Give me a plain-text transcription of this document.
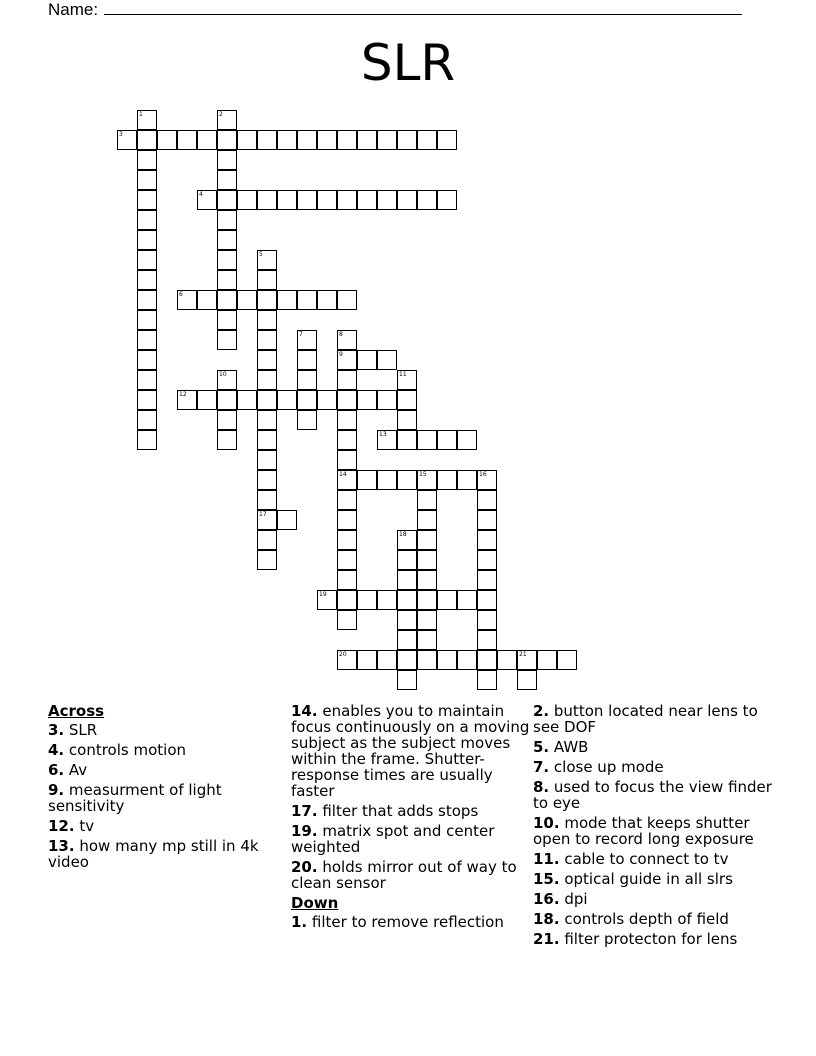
Name:
SLR
1	2
3
4
5
17
6
7	8
9
14
10	11
12
13
15	16
18
19
20	21
Across
3. SLR
4. controls motion
6. Av
9. measurment of light sensitivity
12. tv
13. how many mp still in 4k video
14. enables you to maintain focus continuously on a moving subject as the subject moves within the frame. Shutter-response times are usually faster
17. filter that adds stops
19. matrix spot and center weighted
20. holds mirror out of way to clean sensor
Down
1. filter to remove reflection
2. button located near lens to see DOF
5. AWB
7. close up mode
8. used to focus the view finder to eye
10. mode that keeps shutter open to record long exposure
11. cable to connect to tv
15. optical guide in all slrs
16. dpi
18. controls depth of field
21. filter protecton for lens
